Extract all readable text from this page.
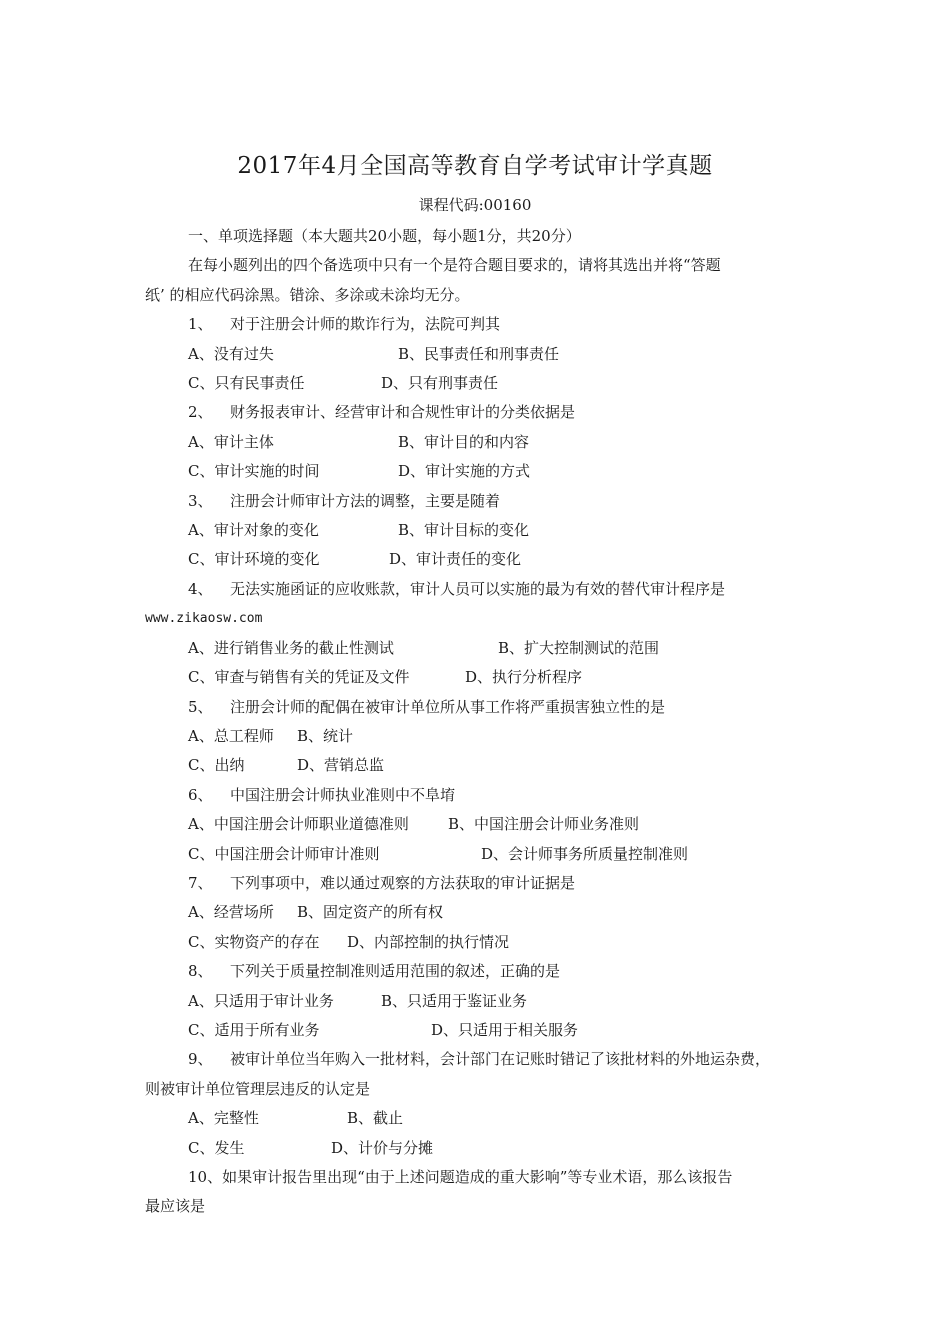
2017年4月全国高等教育自学考试审计学真题
课程代码:00160
一、单项选择题（本大题共20小题，每小题1分，共20分）
在每小题列出的四个备选项中只有一个是符合题目要求的，请将其选出并将“答题
纸’ 的相应代码涂黑。错涂、多涂或未涂均无分。
1、 对于注册会计师的欺诈行为，法院可判其
A、没有过失	B、民事责任和刑事责任
C、只有民事责任	D、只有刑事责任
2、 财务报表审计、经营审计和合规性审计的分类依据是
A、审计主体	B、审计目的和内容
C、审计实施的时间	D、审计实施的方式
3、 注册会计师审计方法的调整，主要是随着
A、审计对象的变化	B、审计目标的变化
C、审计环境的变化	D、审计责任的变化
4、 无法实施函证的应收账款，审计人员可以实施的最为有效的替代审计程序是
www.zikaosw.com
A、进行销售业务的截止性测试	B、扩大控制测试的范围
C、审查与销售有关的凭证及文件	D、执行分析程序
5、 注册会计师的配偶在被审计单位所从事工作将严重损害独立性的是
A、总工程师 B、统计
C、出纳	D、营销总监
6、 中国注册会计师执业准则中不阜堉
A、中国注册会计师职业道德准则	B、中国注册会计师业务准则
C、中国注册会计师审计准则	D、会计师事务所质量控制准则
7、 下列事项中，难以通过观察的方法获取的审计证据是
A、经营场所 B、固定资产的所有权
C、实物资产的存在 D、内部控制的执行情况
8、 下列关于质量控制准则适用范围的叙述，正确的是
A、只适用于审计业务	B、只适用于鉴证业务
C、适用于所有业务	D、只适用于相关服务
9、 被审计单位当年购入一批材料，会计部门在记账时错记了该批材料的外地运杂费，
则被审计单位管理层违反的认定是
A、完整性	B、截止
C、发生	D、计价与分摊
10、如果审计报告里出现“由于上述问题造成的重大影响”等专业术语，那么该报告
最应该是
